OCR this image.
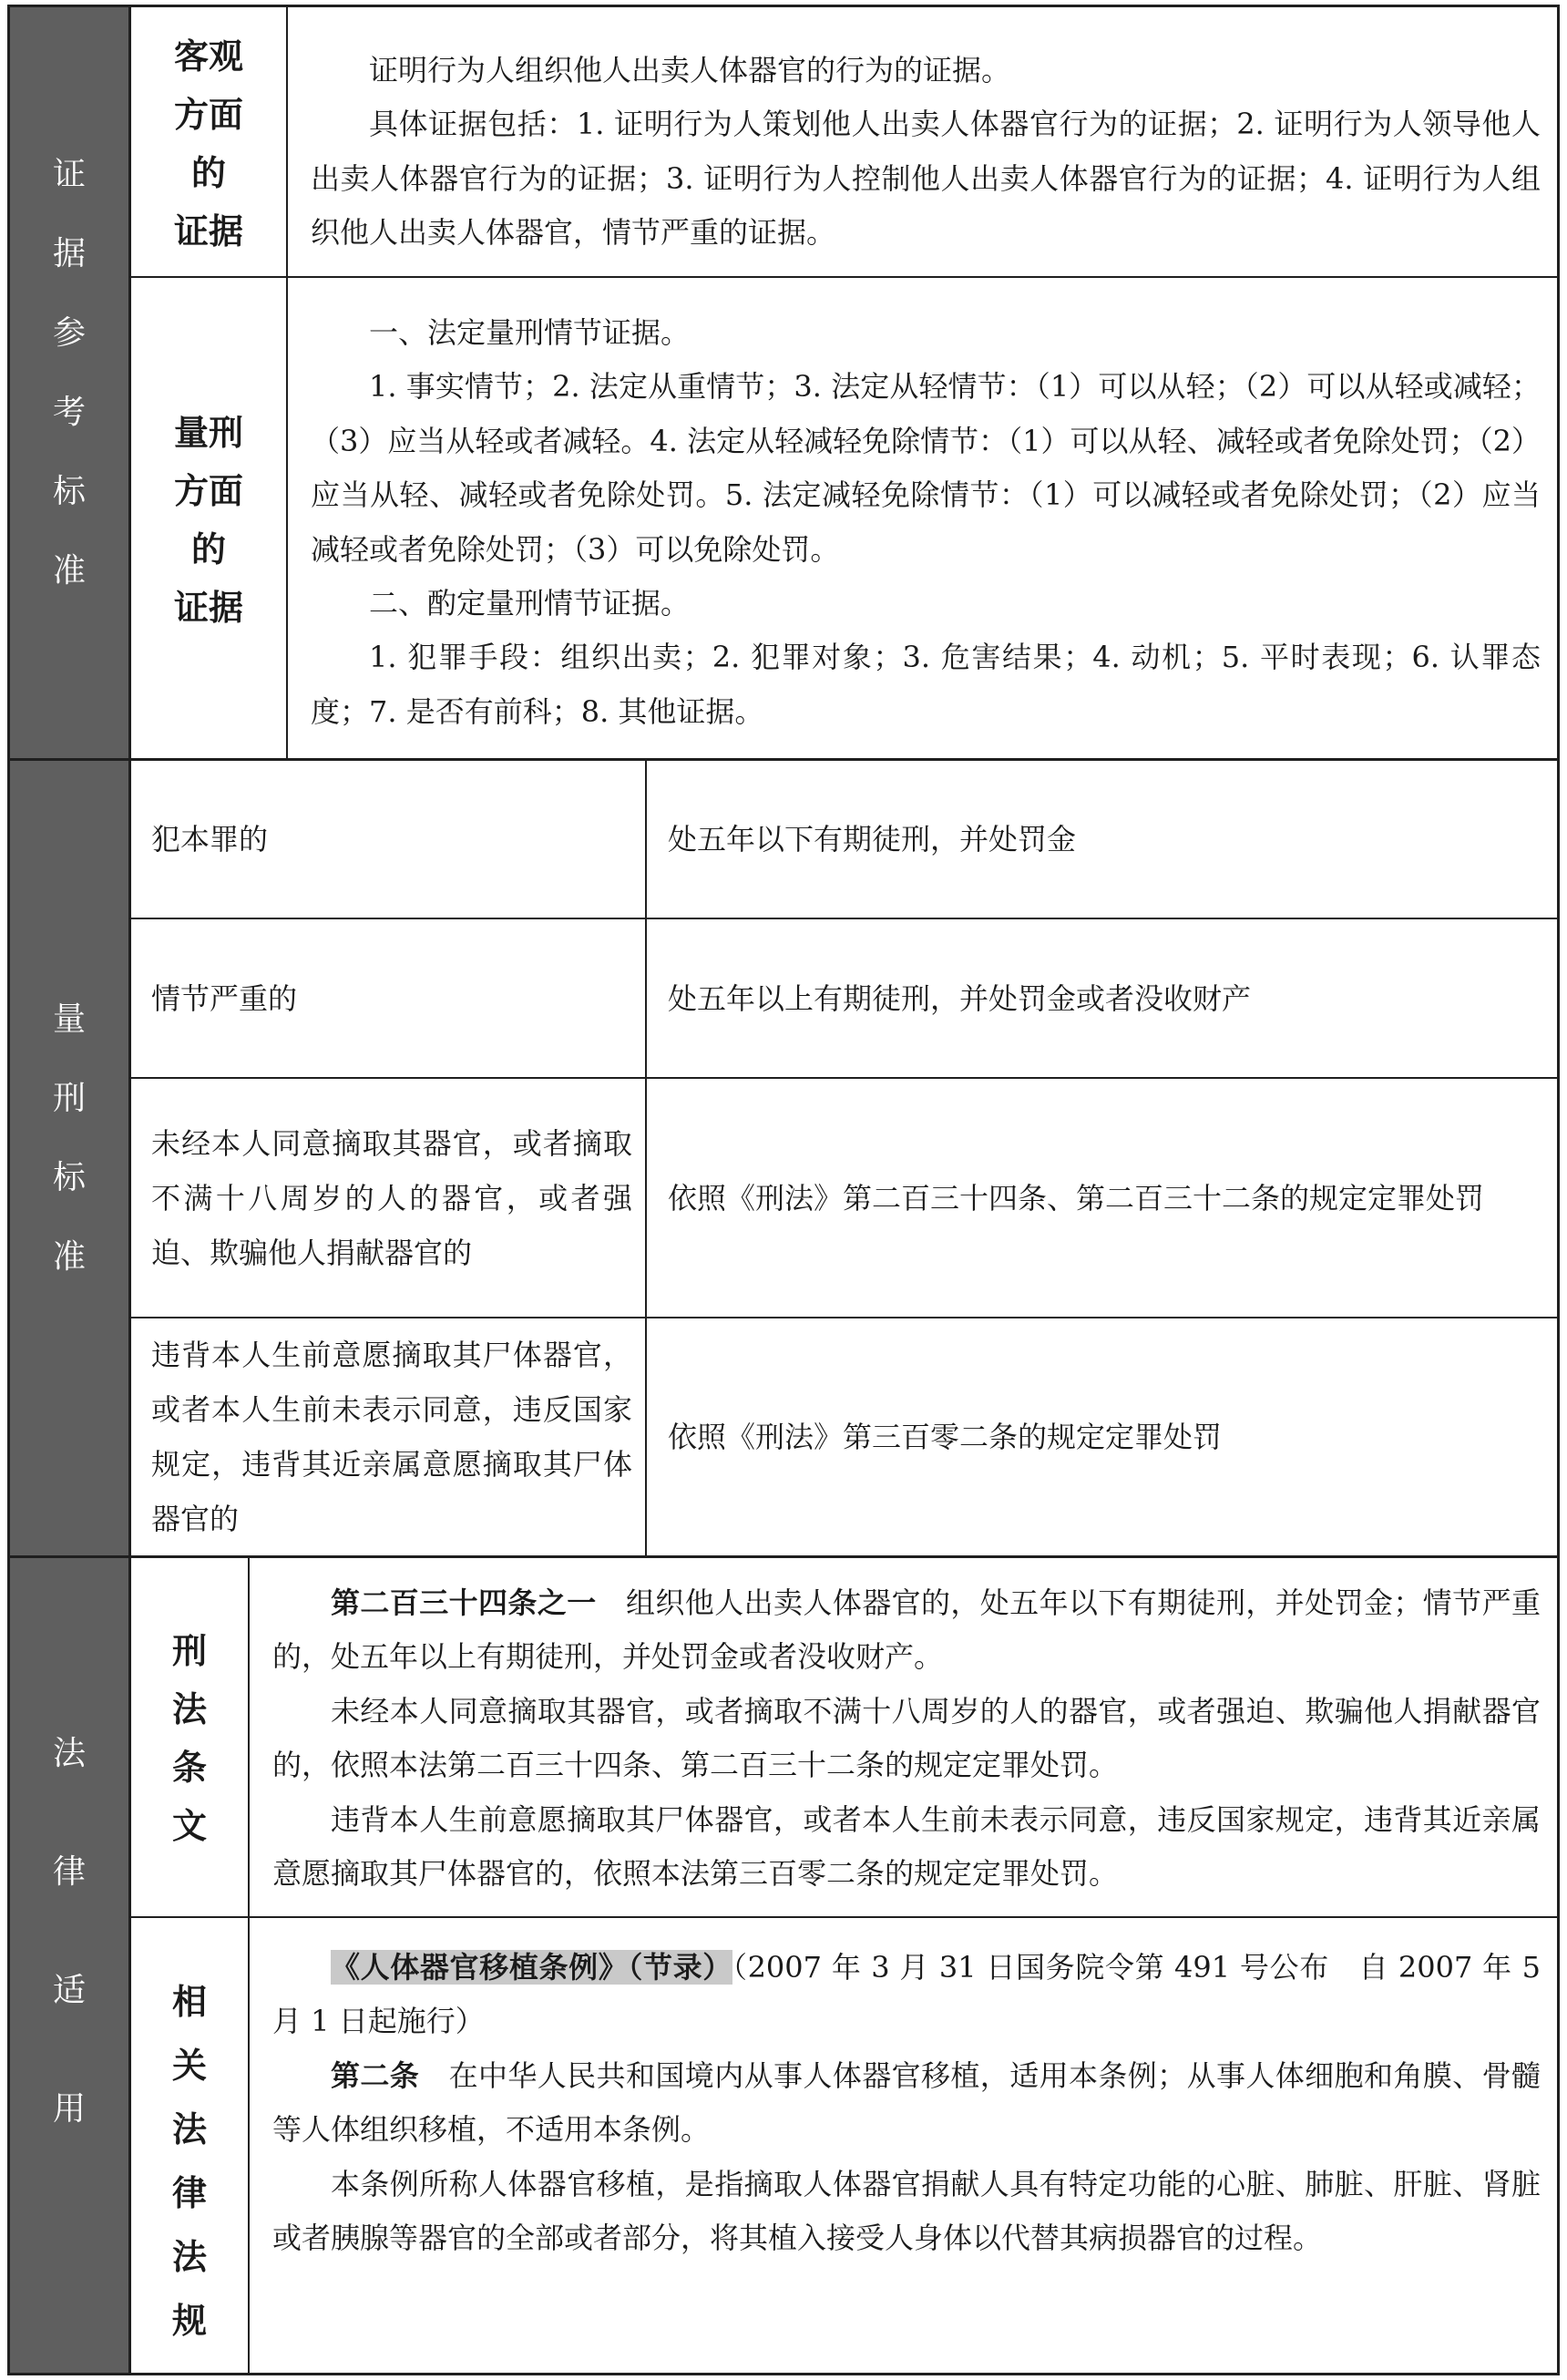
证
据
参
考
标
准
客观
方面
的
证据

证明行为人组织他人出卖人体器官的行为的证据。

具体证据包括：1. 证明行为人策划他人出卖人体器官行为的证据；2. 证明行为人领导他人出卖人体器官行为的证据；3. 证明行为人控制他人出卖人体器官行为的证据；4. 证明行为人组织他人出卖人体器官，情节严重的证据。

量刑
方面
的
证据

一、法定量刑情节证据。

1. 事实情节；2. 法定从重情节；3. 法定从轻情节：（1）可以从轻；（2）可以从轻或减轻；（3）应当从轻或者减轻。4. 法定从轻减轻免除情节：（1）可以从轻、减轻或者免除处罚；（2）应当从轻、减轻或者免除处罚。5. 法定减轻免除情节：（1）可以减轻或者免除处罚；（2）应当减轻或者免除处罚；（3）可以免除处罚。

二、酌定量刑情节证据。

1. 犯罪手段：组织出卖；2. 犯罪对象；3. 危害结果；4. 动机；5. 平时表现；6. 认罪态度；7. 是否有前科；8. 其他证据。

量
刑
标
准
犯本罪的	处五年以下有期徒刑，并处罚金
情节严重的	处五年以上有期徒刑，并处罚金或者没收财产
未经本人同意摘取其器官，或者摘取不满十八周岁的人的器官，或者强迫、欺骗他人捐献器官的
依照《刑法》第二百三十四条、第二百三十二条的规定定罪处罚
违背本人生前意愿摘取其尸体器官，或者本人生前未表示同意，违反国家规定，违背其近亲属意愿摘取其尸体器官的
依照《刑法》第三百零二条的规定定罪处罚
法
律
适
用
刑
法
条
文

第二百三十四条之一　 组织他人出卖人体器官的，处五年以下有期徒刑，并处罚金；情节严重的，处五年以上有期徒刑，并处罚金或者没收财产。

未经本人同意摘取其器官，或者摘取不满十八周岁的人的器官，或者强迫、欺骗他人捐献器官的，依照本法第二百三十四条、第二百三十二条的规定定罪处罚。

违背本人生前意愿摘取其尸体器官，或者本人生前未表示同意，违反国家规定，违背其近亲属意愿摘取其尸体器官的，依照本法第三百零二条的规定定罪处罚。

相
关
法
律
法
规

《人体器官移植条例》（节录）（2007 年 3 月 31 日国务院令第 491 号公布　自 2007 年 5 月 1 日起施行）

第二条　 在中华人民共和国境内从事人体器官移植，适用本条例；从事人体细胞和角膜、骨髓等人体组织移植，不适用本条例。

本条例所称人体器官移植，是指摘取人体器官捐献人具有特定功能的心脏、肺脏、肝脏、肾脏或者胰腺等器官的全部或者部分，将其植入接受人身体以代替其病损器官的过程。
